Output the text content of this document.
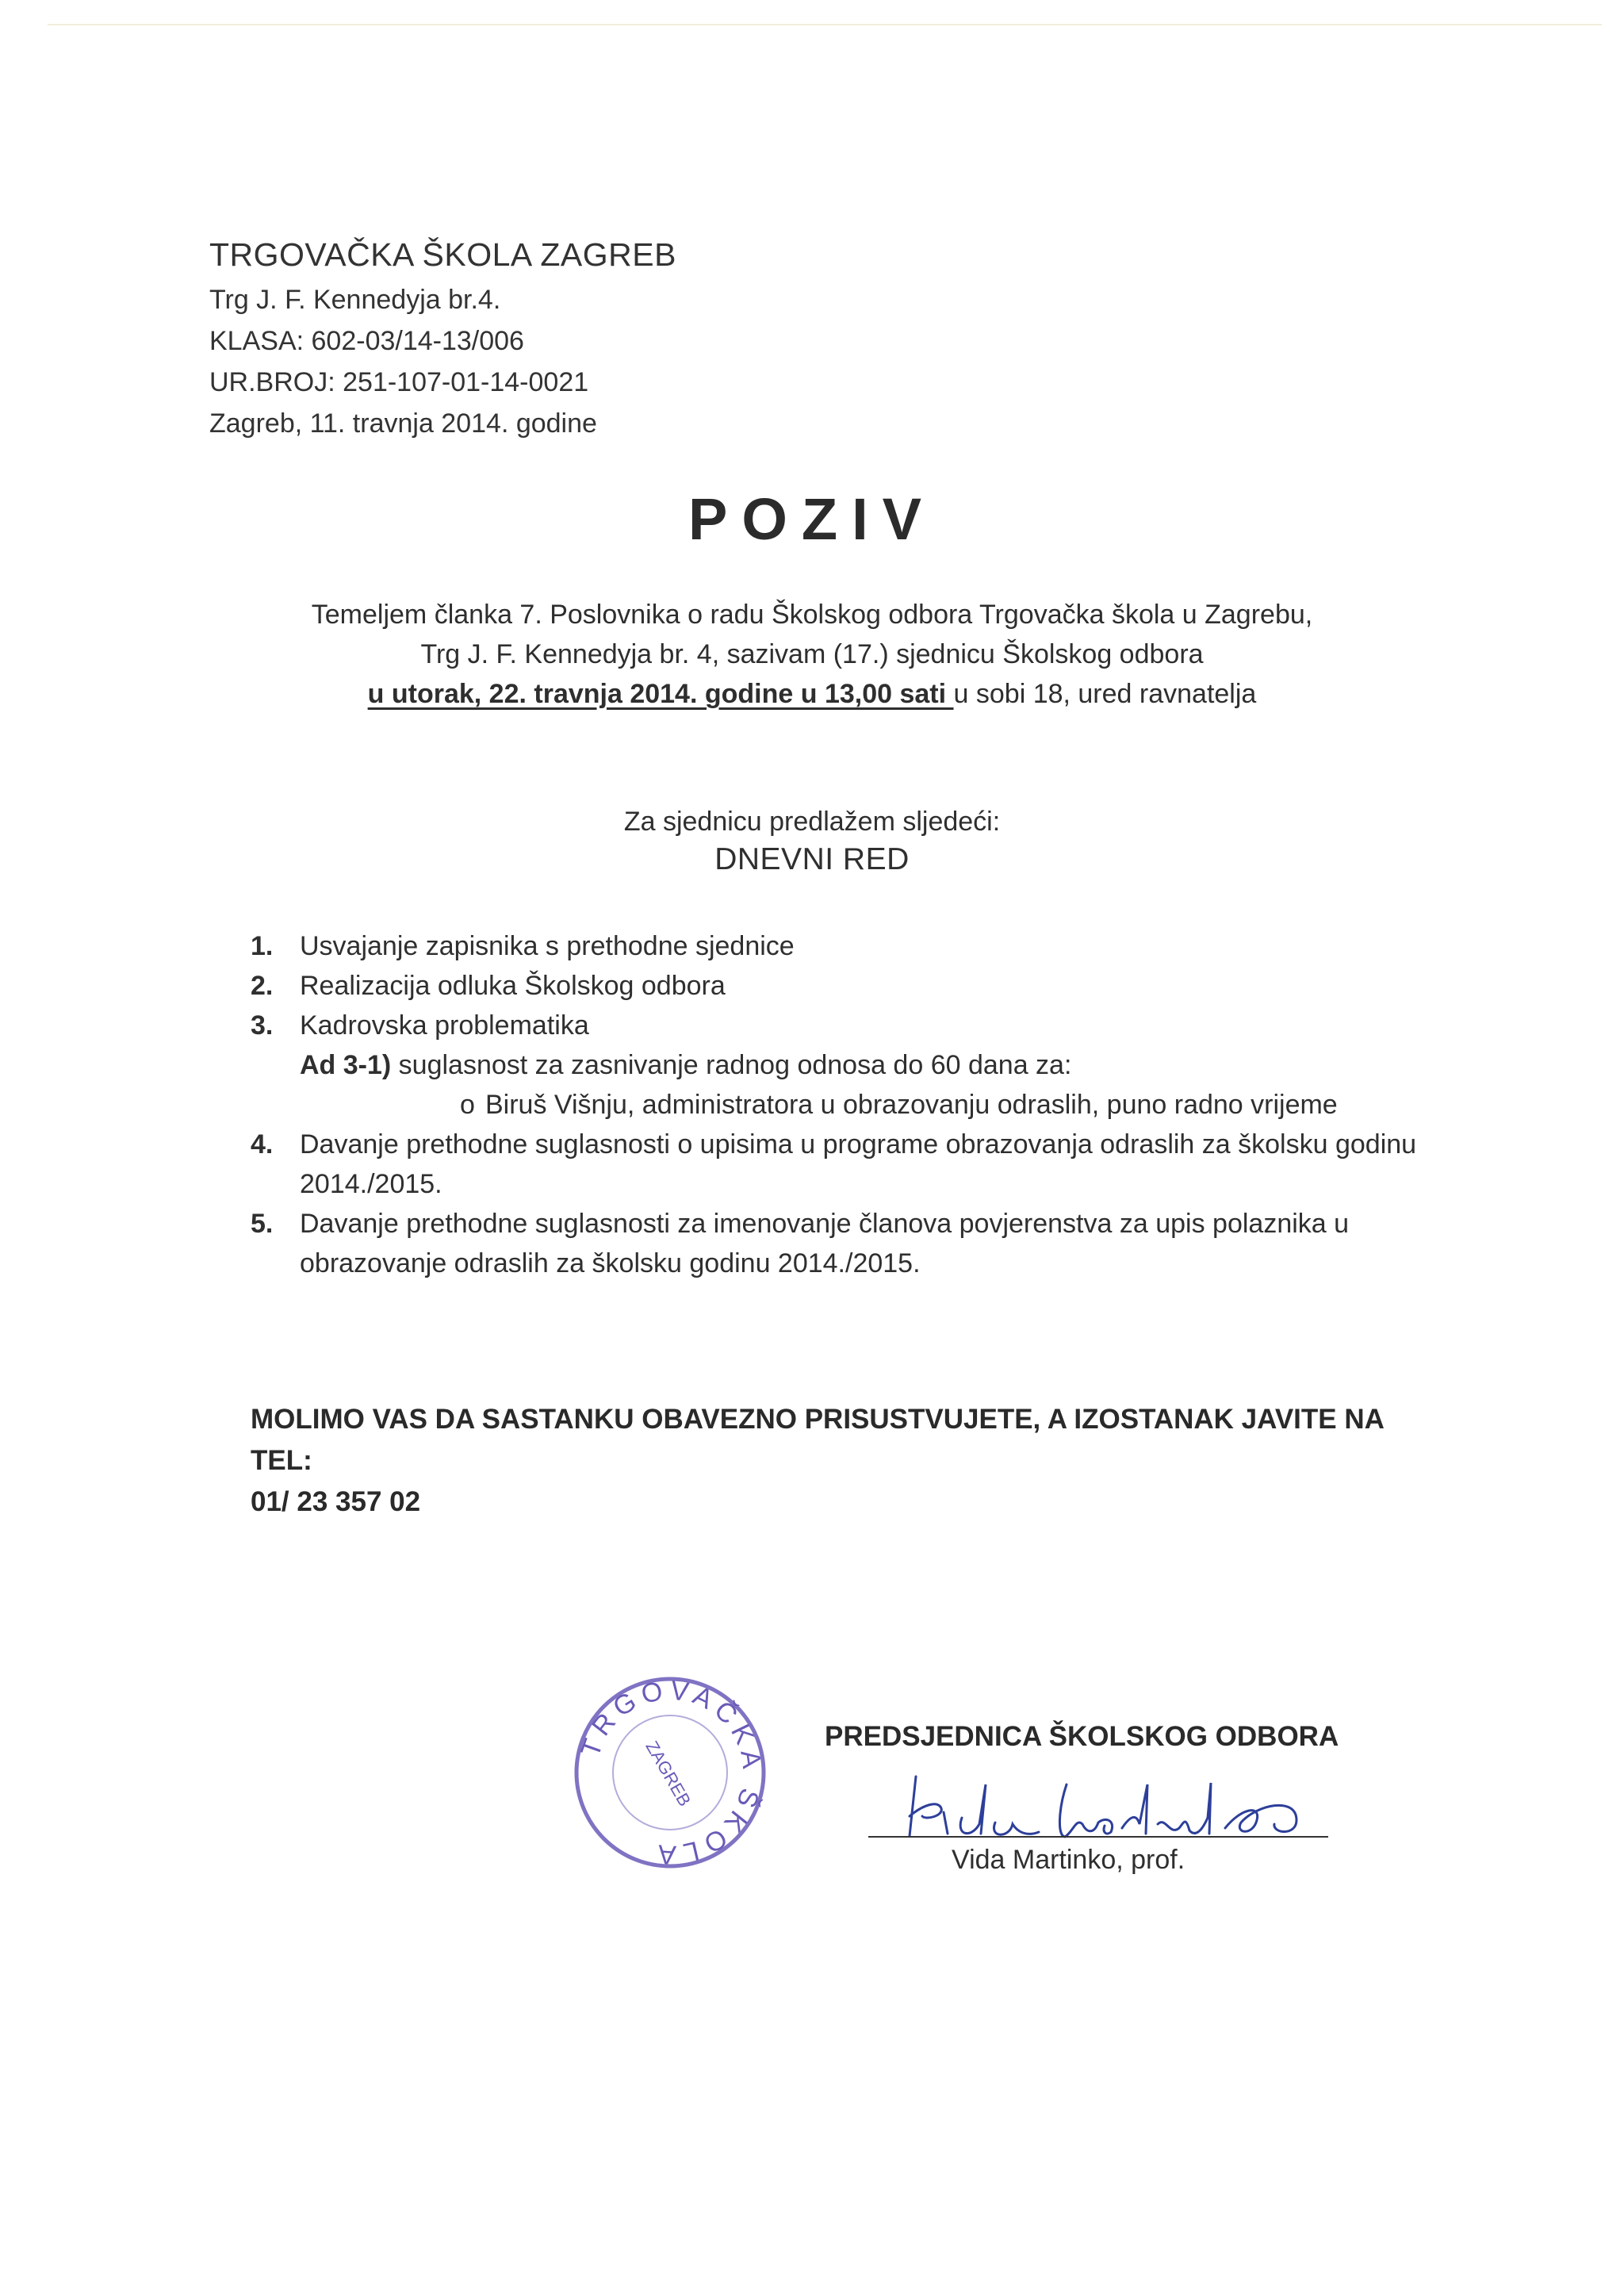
TRGOVAČKA ŠKOLA ZAGREB
Trg J. F. Kennedyja br.4.
KLASA: 602-03/14-13/006
UR.BROJ: 251-107-01-14-0021
Zagreb, 11. travnja 2014. godine
POZIV
Temeljem članka 7. Poslovnika o radu Školskog odbora Trgovačka škola u Zagrebu,
Trg J. F. Kennedyja br. 4, sazivam (17.) sjednicu Školskog odbora
u utorak, 22. travnja 2014. godine u 13,00 sati u sobi 18, ured ravnatelja
Za sjednicu predlažem sljedeći:
DNEVNI RED
1. Usvajanje zapisnika s prethodne sjednice
2. Realizacija odluka Školskog odbora
3. Kadrovska problematika
Ad 3-1) suglasnost za zasnivanje radnog odnosa do 60 dana za:
o Biruš Višnju, administratora u obrazovanju odraslih, puno radno vrijeme
4. Davanje prethodne suglasnosti o upisima u programe obrazovanja odraslih za školsku godinu 2014./2015.
5. Davanje prethodne suglasnosti za imenovanje članova povjerenstva za upis polaznika u obrazovanje odraslih za školsku godinu 2014./2015.
MOLIMO VAS DA SASTANKU OBAVEZNO PRISUSTVUJETE, A IZOSTANAK JAVITE NA TEL:
01/ 23 357 02
TRGOVAČKA ŠKOLA
ZAGREB
PREDSJEDNICA ŠKOLSKOG ODBORA
Vida Martinko, prof.
